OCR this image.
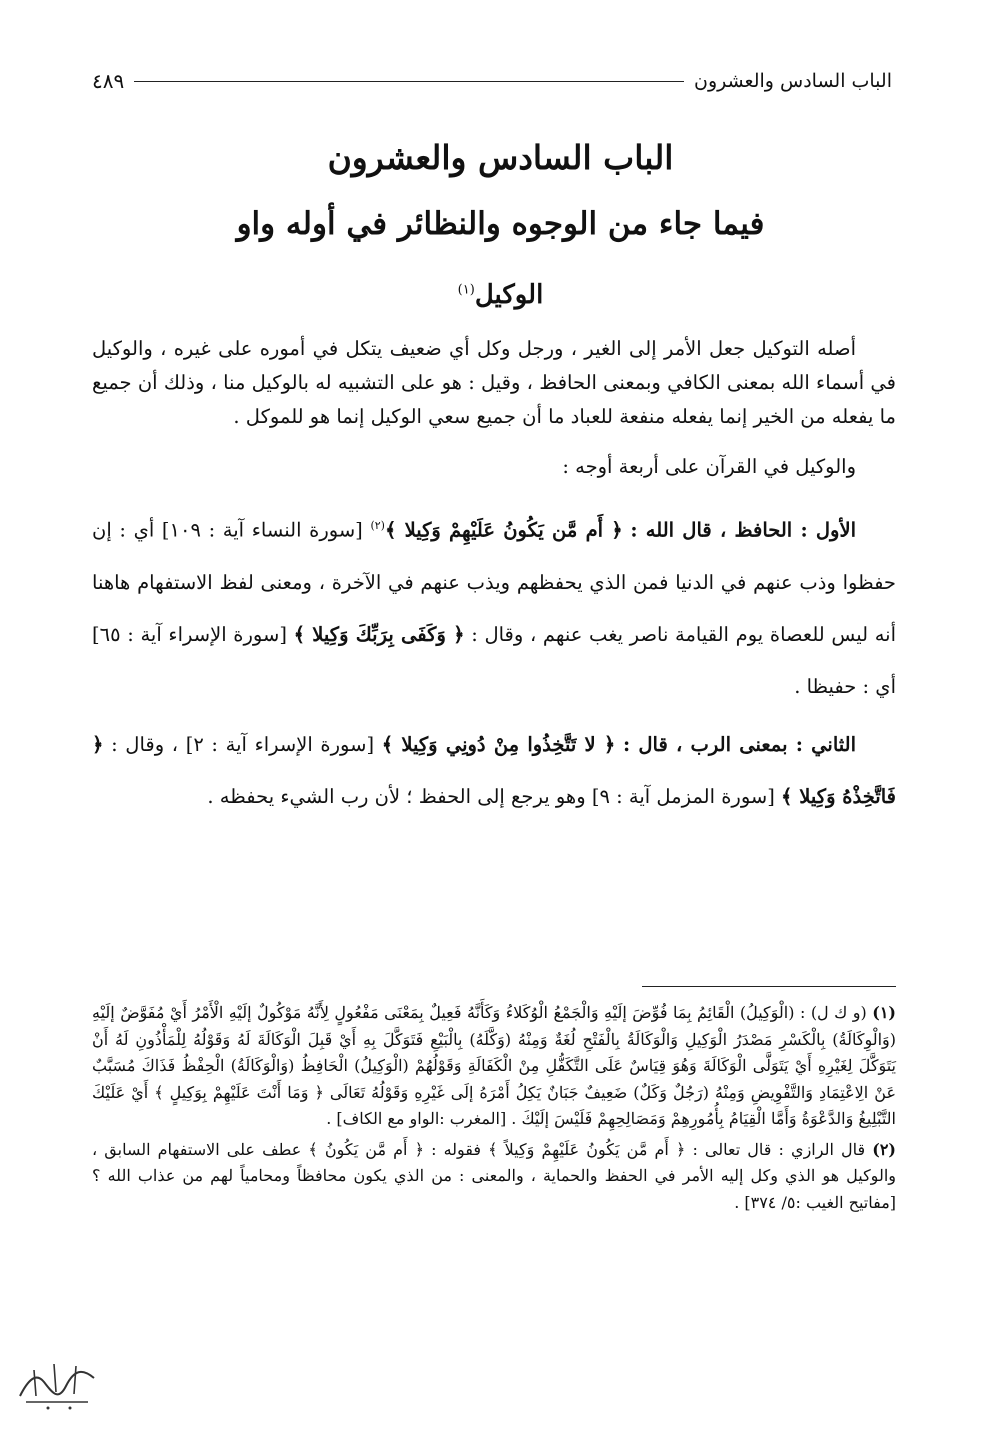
الباب السادس والعشرون
٤٨٩
الباب السادس والعشرون
فيما جاء من الوجوه والنظائر في أوله واو
الوكيل$^{(١)}$

أصله التوكيل جعل الأمر إلى الغير ، ورجل وكل أي ضعيف يتكل في أموره على غيره ، والوكيل في أسماء الله بمعنى الكافي وبمعنى الحافظ ، وقيل : هو على التشبيه له بالوكيل منا ، وذلك أن جميع ما يفعله من الخير إنما يفعله منفعة للعباد ما أن جميع سعي الوكيل إنما هو للموكل .

والوكيل في القرآن على أربعة أوجه :

الأول : الحافظ ، قال الله : ﴿ أَم مَّن يَكُونُ عَلَيْهِمْ وَكِيلا ﴾$^{(٢)}$ [سورة النساء آية : ١٠٩] أي : إن حفظوا وذب عنهم في الدنيا فمن الذي يحفظهم ويذب عنهم في الآخرة ، ومعنى لفظ الاستفهام هاهنا أنه ليس للعصاة يوم القيامة ناصر يغب عنهم ، وقال : ﴿ وَكَفَى بِرَبِّكَ وَكِيلا ﴾ [سورة الإسراء آية : ٦٥] أي : حفيظا .

الثاني : بمعنى الرب ، قال : ﴿ لا تَتَّخِذُوا مِنْ دُونِي وَكِيلا ﴾ [سورة الإسراء آية : ٢] ، وقال : ﴿ فَاتَّخِذْهُ وَكِيلا ﴾ [سورة المزمل آية : ٩] وهو يرجع إلى الحفظ ؛ لأن رب الشيء يحفظه .

(١) (و ك ل) : (الْوَكِيلُ) الْقَائِمُ بِمَا فُوِّضَ إلَيْهِ وَالْجَمْعُ الْوُكَلاءُ وَكَأَنَّهُ فَعِيلٌ بِمَعْنَى مَفْعُولٍ لِأَنَّهُ مَوْكُولٌ إلَيْهِ الْأَمْرُ أَيْ مُفَوَّضٌ إلَيْهِ (وَالْوِكَالَةُ) بِالْكَسْرِ مَصْدَرُ الْوَكِيلِ وَالْوَكَالَةُ بِالْفَتْحِ لُغَةٌ وَمِنْهُ (وَكَّلَهُ) بِالْبَيْعِ فَتَوَكَّلَ بِهِ أَيْ قَبِلَ الْوَكَالَةَ لَهُ وَقَوْلُهُ لِلْمَأْذُونِ لَهُ أَنْ يَتَوَكَّلَ لِغَيْرِهِ أَيْ يَتَوَلَّى الْوَكَالَةَ وَهُوَ قِيَاسٌ عَلَى التَّكَفُّلِ مِنْ الْكَفَالَةِ وَقَوْلُهُمْ (الْوَكِيلُ) الْحَافِظُ (وَالْوَكَالَةُ) الْحِفْظُ فَذَاكَ مُسَبَّبٌ عَنْ الِاعْتِمَادِ وَالتَّفْوِيضِ وَمِنْهُ (رَجُلٌ وَكَلٌ) ضَعِيفٌ جَبَانٌ يَكِلُ أَمْرَهُ إلَى غَيْرِهِ وَقَوْلُهُ تَعَالَى ﴿ وَمَا أَنْتَ عَلَيْهِمْ بِوَكِيلٍ ﴾ أَيْ عَلَيْكَ التَّبْلِيغُ وَالدَّعْوَةُ وَأَمَّا الْقِيَامُ بِأُمُورِهِمْ وَمَصَالِحِهِمْ فَلَيْسَ إلَيْكَ . [المغرب :الواو مع الكاف] .

(٢) قال الرازي : قال تعالى : ﴿ أَم مَّن يَكُونُ عَلَيْهِمْ وَكِيلاً ﴾ فقوله : ﴿ أَم مَّن يَكُونُ ﴾ عطف على الاستفهام السابق ، والوكيل هو الذي وكل إليه الأمر في الحفظ والحماية ، والمعنى : من الذي يكون محافظاً ومحامياً لهم من عذاب الله ؟ [مفاتيح الغيب :٥/ ٣٧٤] .
